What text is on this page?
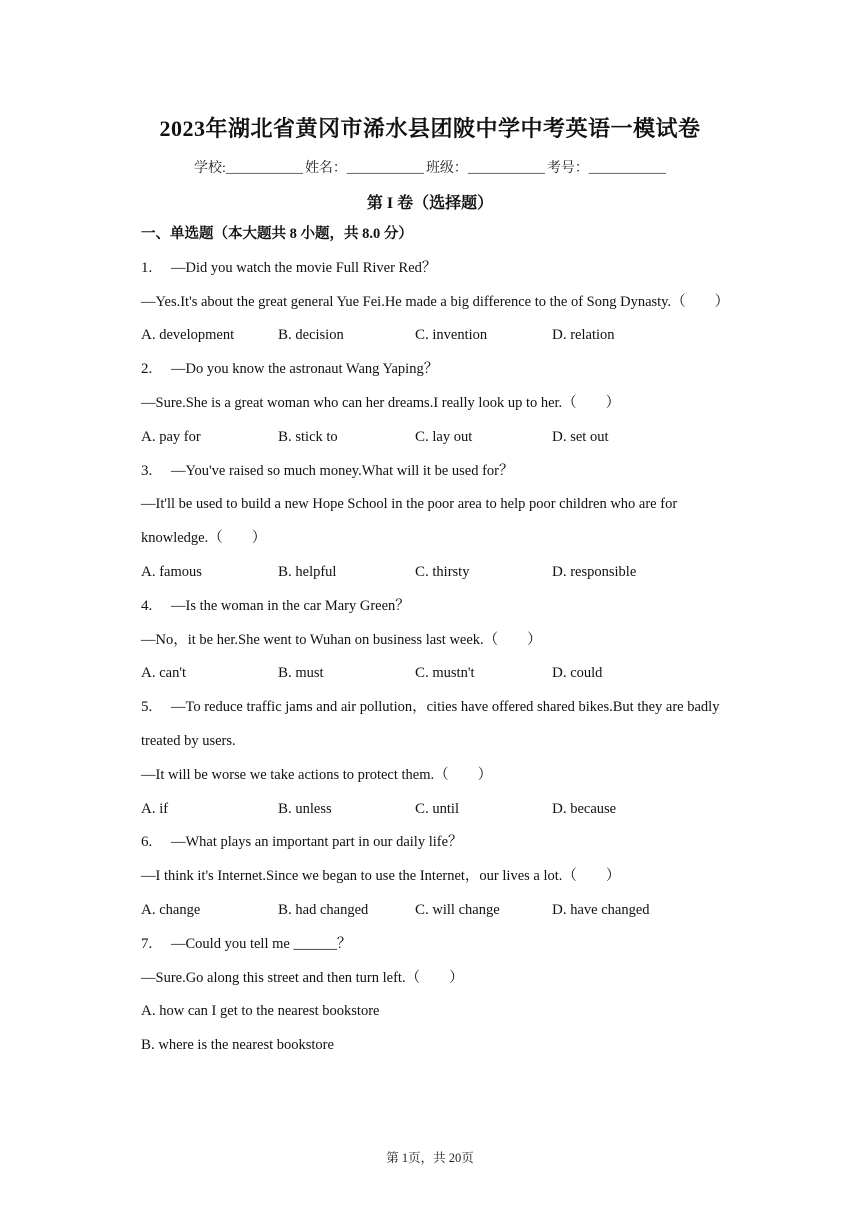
2023年湖北省黄冈市浠水县团陂中学中考英语一模试卷
学校:___________ 姓名：___________ 班级：___________ 考号：___________
第 I 卷（选择题）
一、单选题（本大题共 8 小题，共 8.0 分）
1. —Did you watch the movie Full River Red？
—Yes.It's about the great general Yue Fei.He made a big difference to the of Song Dynasty.（　　）
A. development	B. decision	C. invention	D. relation
2. —Do you know the astronaut Wang Yaping？
—Sure.She is a great woman who can her dreams.I really look up to her.（　　）
A. pay for	B. stick to	C. lay out	D. set out
3. —You've raised so much money.What will it be used for？
—It'll be used to build a new Hope School in the poor area to help poor children who are for
knowledge.（　　）
A. famous	B. helpful	C. thirsty	D. responsible
4. —Is the woman in the car Mary Green？
—No，it be her.She went to Wuhan on business last week.（　　）
A. can't	B. must	C. mustn't	D. could
5. —To reduce traffic jams and air pollution，cities have offered shared bikes.But they are badly
treated by users.
—It will be worse we take actions to protect them.（　　）
A. if	B. unless	C. until	D. because
6. —What plays an important part in our daily life？
—I think it's Internet.Since we began to use the Internet，our lives a lot.（　　）
A. change	B. had changed	C. will change	D. have changed
7. —Could you tell me ______？
—Sure.Go along this street and then turn left.（　　）
A. how can I get to the nearest bookstore
B. where is the nearest bookstore
第 1页，共 20页
